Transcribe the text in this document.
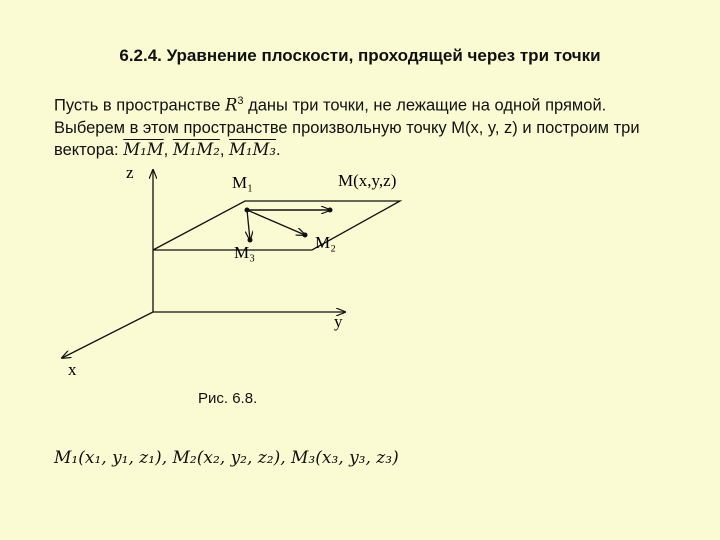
6.2.4. Уравнение плоскости, проходящей через три точки
Пусть в пространстве $R^3$ даны три точки, не лежащие на одной прямой. Выберем в этом пространстве произвольную точку M(x, y, z) и построим три вектора: M₁M, M₁M₂, M₁M₃.
z
y
x
M₁	M(x,y,z)
M₂
M₃
Рис. 6.8.
M₁(x₁, y₁, z₁), M₂(x₂, y₂, z₂), M₃(x₃, y₃, z₃)
